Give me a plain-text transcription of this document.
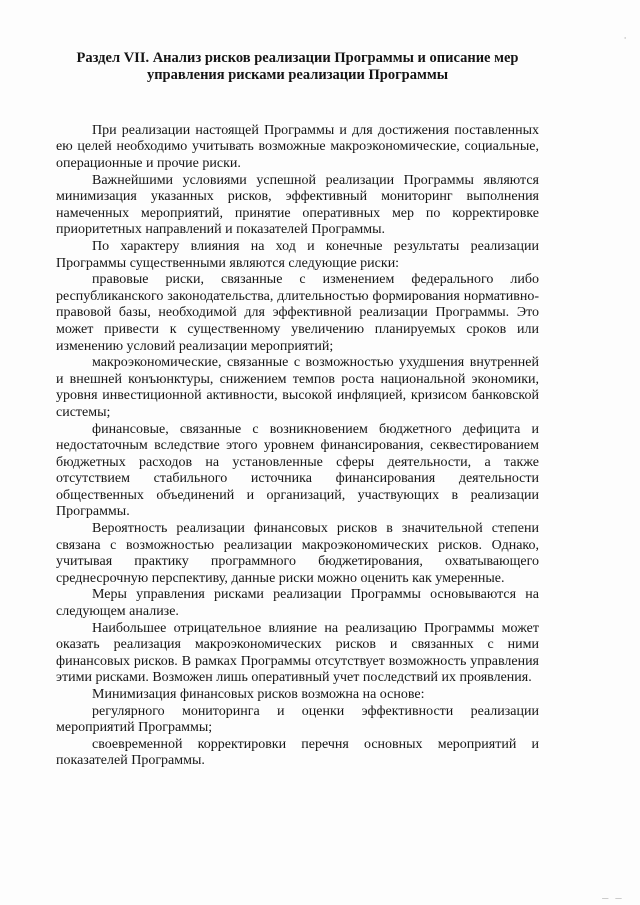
Раздел VII. Анализ рисков реализации Программы и описание мер управления рисками реализации Программы

При реализации настоящей Программы и для достижения поставленных ею целей необходимо учитывать возможные макроэкономические, социальные, операционные и прочие риски.

Важнейшими условиями успешной реализации Программы являются минимизация указанных рисков, эффективный мониторинг выполнения намеченных мероприятий, принятие оперативных мер по корректировке приоритетных направлений и показателей Программы.

По характеру влияния на ход и конечные результаты реализации Программы существенными являются следующие риски:

правовые риски, связанные с изменением федерального либо республиканского законодательства, длительностью формирования нормативно-правовой базы, необходимой для эффективной реализации Программы. Это может привести к существенному увеличению планируемых сроков или изменению условий реализации мероприятий;

макроэкономические, связанные с возможностью ухудшения внутренней и внешней конъюнктуры, снижением темпов роста национальной экономики, уровня инвестиционной активности, высокой инфляцией, кризисом банковской системы;

финансовые, связанные с возникновением бюджетного дефицита и недостаточным вследствие этого уровнем финансирования, секвестированием бюджетных расходов на установленные сферы деятельности, а также отсутствием стабильного источника финансирования деятельности общественных объединений и организаций, участвующих в реализации Программы.

Вероятность реализации финансовых рисков в значительной степени связана с возможностью реализации макроэкономических рисков. Однако, учитывая практику программного бюджетирования, охватывающего среднесрочную перспективу, данные риски можно оценить как умеренные.

Меры управления рисками реализации Программы основываются на следующем анализе.

Наибольшее отрицательное влияние на реализацию Программы может оказать реализация макроэкономических рисков и связанных с ними финансовых рисков. В рамках Программы отсутствует возможность управления этими рисками. Возможен лишь оперативный учет последствий их проявления.

Минимизация финансовых рисков возможна на основе:

регулярного мониторинга и оценки эффективности реализации мероприятий Программы;

своевременной корректировки перечня основных мероприятий и показателей Программы.

'
— —
